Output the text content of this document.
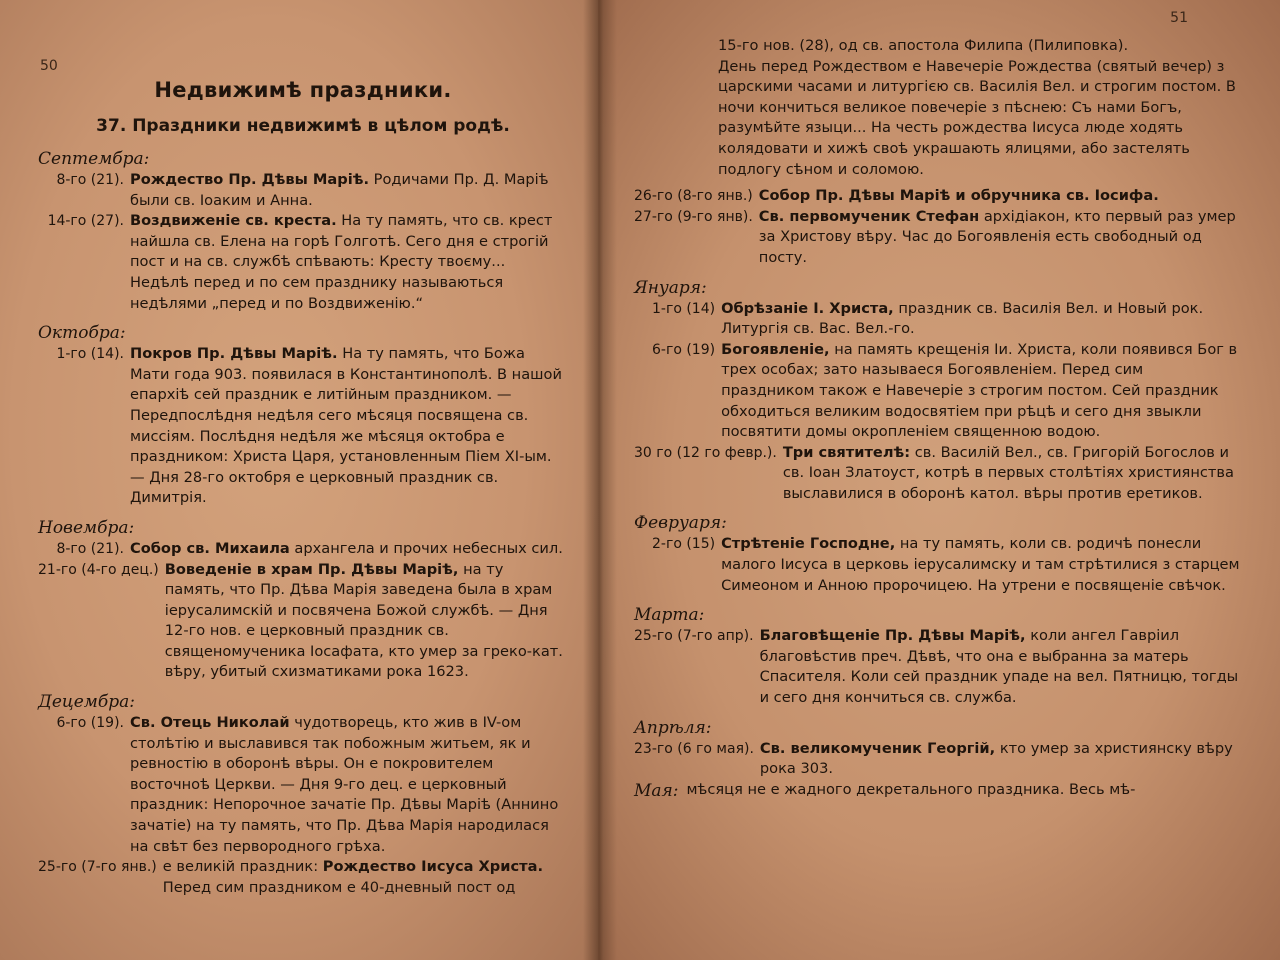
50
Недвижимѣ праздники.
37. Праздники недвижимѣ в цѣлом родѣ.
Септембра:
8-го (21). Рождество Пр. Дѣвы Маріѣ. Родичами Пр. Д. Маріѣ были св. Іоаким и Анна.
14-го (27). Воздвиженіе св. креста. На ту память, что св. крест найшла св. Елена на горѣ Голготѣ. Сего дня е строгій пост и на св. службѣ спѣвають: Кресту твоєму... Недѣлѣ перед и по сем празднику называються недѣлями „перед и по Воздвиженію.“
Октобра:
1-го (14). Покров Пр. Дѣвы Маріѣ. На ту память, что Божа Мати года 903. появилася в Константинополѣ. В нашой епархіѣ сей праздник е литійным праздником. — Передпослѣдня недѣля сего мѣсяця посвящена св. миссіям. Послѣдня недѣля же мѣсяця октобра е праздником: Христа Царя, установленным Піем XI-ым. — Дня 28-го октобря е церковный праздник св. Димитрія.
Новембра:
8-го (21). Собор св. Михаила архангела и прочих небесных сил.
21-го (4-го дец.) Воведеніе в храм Пр. Дѣвы Маріѣ, на ту память, что Пр. Дѣва Марія заведена была в храм іерусалимскій и посвячена Божой службѣ. — Дня 12-го нов. е церковный праздник св. священомученика Іосафата, кто умер за греко-кат. вѣру, убитый схизматиками рока 1623.
Децембра:
6-го (19). Св. Отець Николай чудотворець, кто жив в IV-ом столѣтію и выславився так побожным житьем, як и ревностію в оборонѣ вѣры. Он е покровителем восточноѣ Церкви. — Дня 9-го дец. е церковный праздник: Непорочное зачатіе Пр. Дѣвы Маріѣ (Аннино зачатіе) на ту память, что Пр. Дѣва Марія народилася на свѣт без первородного грѣха.
25-го (7-го янв.) е великій праздник: Рождество Іисуса Христа. Перед сим праздником е 40-дневный пост од
51
15-го нов. (28), од св. апостола Филипа (Пилиповка).
День перед Рождеством е Навечеріе Рождества (святый вечер) з царскими часами и литургією св. Василія Вел. и строгим постом. В ночи кончиться великое повечеріе з пѣснею: Съ нами Богъ, разумѣйте языци... На честь рождества Іисуса люде ходять колядовати и хижѣ своѣ украшають ялицями, або застелять подлогу сѣном и соломою.
26-го (8-го янв.) Собор Пр. Дѣвы Маріѣ и обручника св. Іосифа.
27-го (9-го янв). Св. первомученик Стефан архідіакон, кто первый раз умер за Христову вѣру. Час до Богоявленія есть свободный од посту.
Януаря:
1-го (14) Обрѣзаніе І. Христа, праздник св. Василія Вел. и Новый рок. Литургія св. Вас. Вел.-го.
6-го (19) Богоявленіе, на память крещенія Іи. Христа, коли появився Бог в трех особах; зато называеся Богоявленіем. Перед сим праздником також е Навечеріе з строгим постом. Сей праздник обходиться великим водосвятіем при рѣцѣ и сего дня звыкли посвятити домы окропленіем священною водою.
30 го (12 го февр.). Три святителѣ: св. Василій Вел., св. Григорій Богослов и св. Іоан Златоуст, котрѣ в первых столѣтіях християнства выславилися в оборонѣ катол. вѣры против еретиков.
Февруаря:
2-го (15) Стрѣтеніе Господне, на ту память, коли св. родичѣ понесли малого Іисуса в церковь іерусалимску и там стрѣтилися з старцем Симеоном и Анною пророчицею. На утрени е посвященіе свѣчок.
Марта:
25-го (7-го апр). Благовѣщеніе Пр. Дѣвы Маріѣ, коли ангел Гавріил благовѣстив преч. Дѣвѣ, что она е выбранна за матерь Спасителя. Коли сей праздник упаде на вел. Пятницю, тогды и сего дня кончиться св. служба.
Апрѣля:
23-го (6 го мая). Св. великомученик Георгій, кто умер за християнску вѣру рока 303.
Мая: мѣсяця не е жадного декретального праздника. Весь мѣ-
